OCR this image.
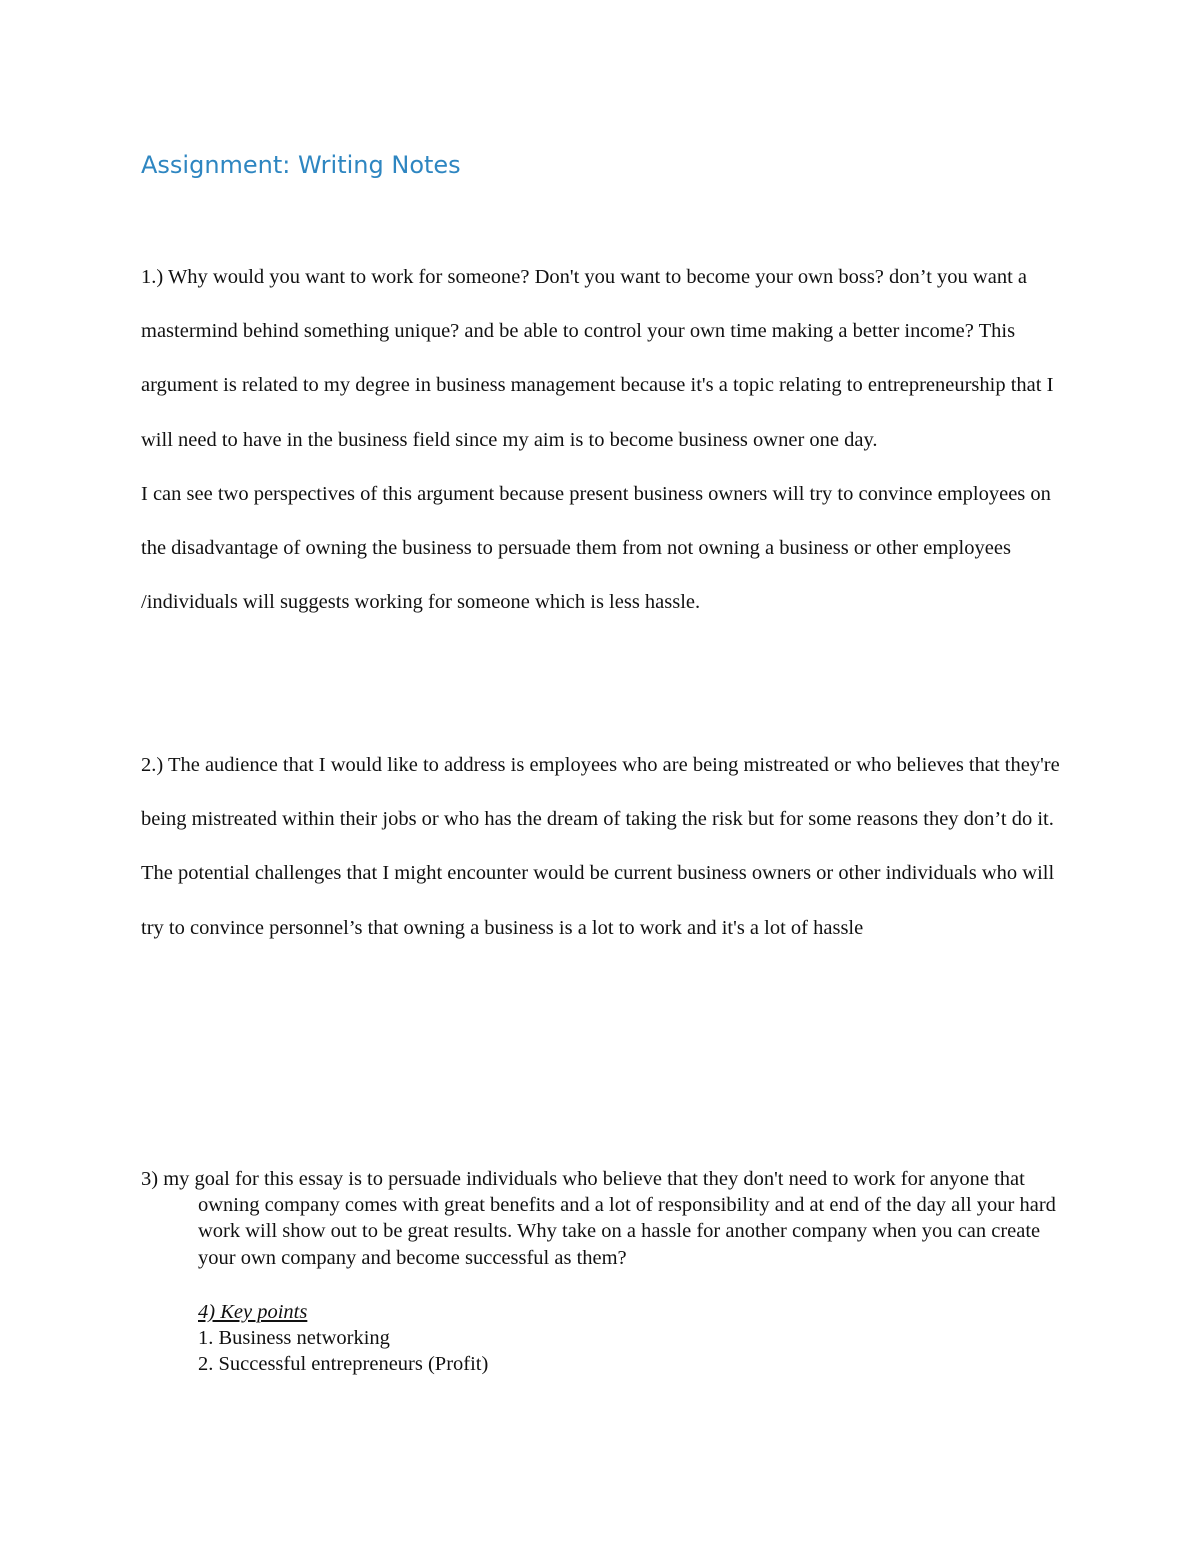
Assignment: Writing Notes

1.) Why would you want to work for someone? Don't you want to become your own boss? don’t you want a mastermind behind something unique? and be able to control your own time making a better income? This argument is related to my degree in business management because it's a topic relating to entrepreneurship that I will need to have in the business field since my aim is to become business owner one day.

I can see two perspectives of this argument because present business owners will try to convince employees on the disadvantage of owning the business to persuade them from not owning a business or other employees /individuals will suggests working for someone which is less hassle.

2.) The audience that I would like to address is employees who are being mistreated or who believes that they're being mistreated within their jobs or who has the dream of taking the risk but for some reasons they don’t do it.

The potential challenges that I might encounter would be current business owners or other individuals who will try to convince personnel’s that owning a business is a lot to work and it's a lot of hassle

3) my goal for this essay is to persuade individuals who believe that they don't need to work for anyone that owning company comes with great benefits and a lot of responsibility and at end of the day all your hard work will show out to be great results. Why take on a hassle for another company when you can create your own company and become successful as them?

4) Key points

1. Business networking

2. Successful entrepreneurs (Profit)
